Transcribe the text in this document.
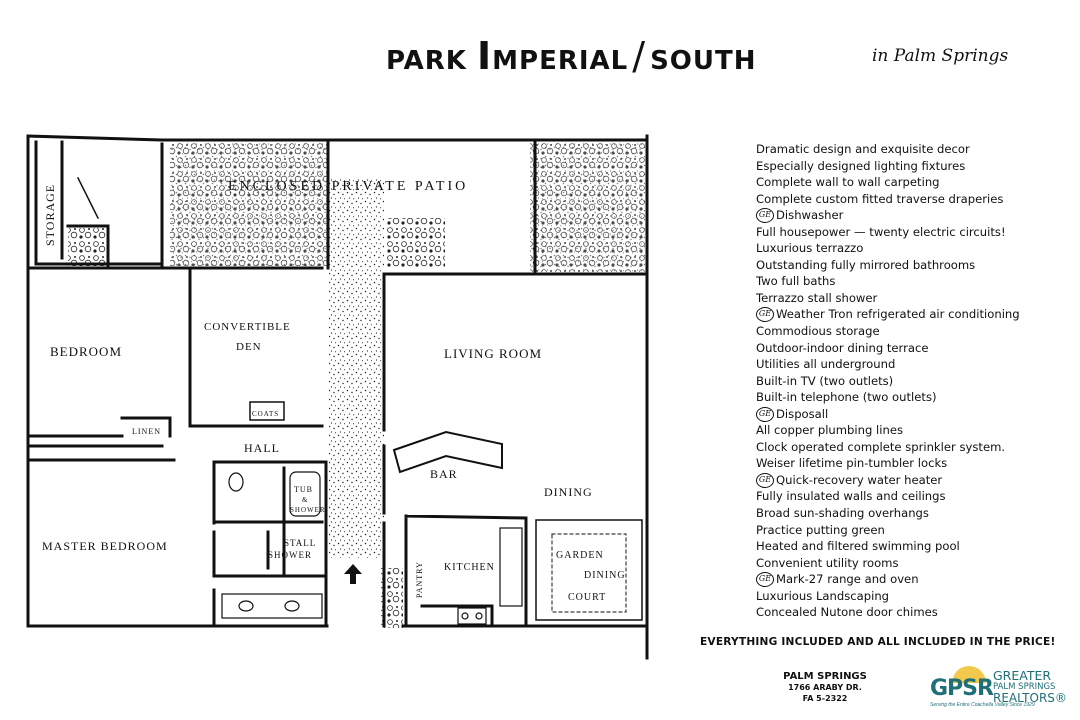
PARK IMPERIAL / SOUTH	in Palm Springs
STORAGE	ENCLOSED PRIVATE PATIO
BEDROOM
CONVERTIBLE
DEN	LIVING ROOM
LINEN
COATS
HALL
BAR
DINING
TUB
&
SHOWER
STALL
SHOWER
MASTER BEDROOM
KITCHEN
PANTRY
GARDEN
DINING
COURT
Dramatic design and exquisite decor
Especially designed lighting fixtures
Complete wall to wall carpeting
Complete custom fitted traverse draperies
GE Dishwasher
Full housepower — twenty electric circuits!
Luxurious terrazzo
Outstanding fully mirrored bathrooms
Two full baths
Terrazzo stall shower
GE Weather Tron refrigerated air conditioning
Commodious storage
Outdoor-indoor dining terrace
Utilities all underground
Built-in TV (two outlets)
Built-in telephone (two outlets)
GE Disposall
All copper plumbing lines
Clock operated complete sprinkler system.
Weiser lifetime pin-tumbler locks
GE Quick-recovery water heater
Fully insulated walls and ceilings
Broad sun-shading overhangs
Practice putting green
Heated and filtered swimming pool
Convenient utility rooms
GE Mark-27 range and oven
Luxurious Landscaping
Concealed Nutone door chimes
EVERYTHING INCLUDED AND ALL INCLUDED IN THE PRICE!
PALM SPRINGS
1766 ARABY DR.
FA 5-2322	GPSR
GREATER
PALM SPRINGS
REALTORS®
Serving the Entire Coachella Valley Since 1929
